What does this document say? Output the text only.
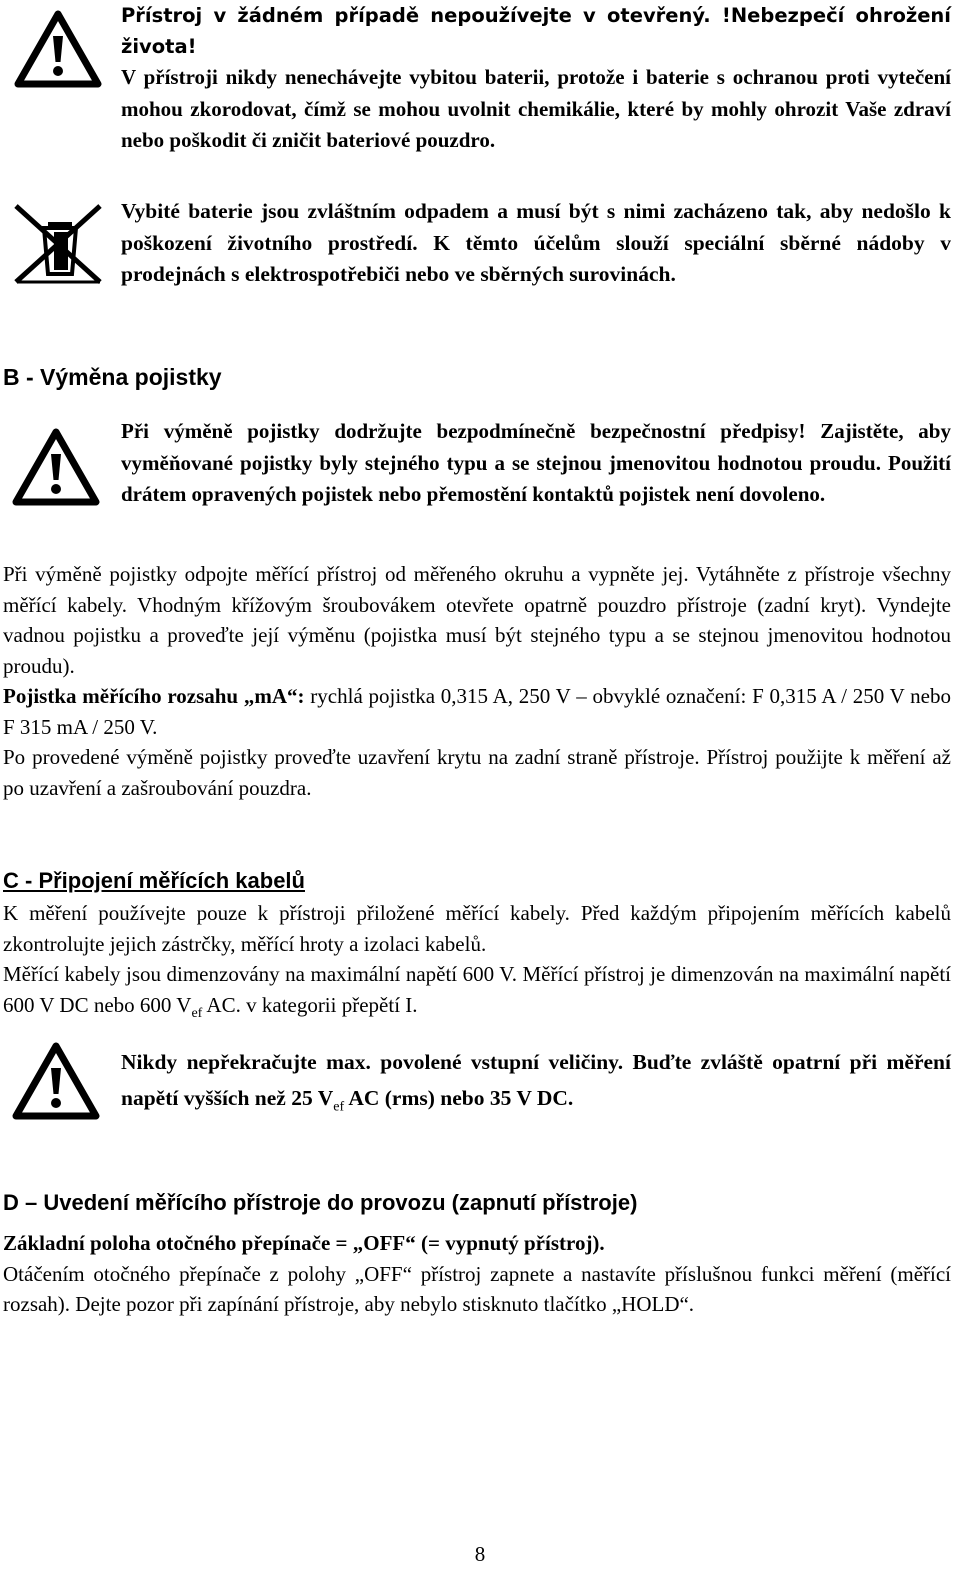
Přístroj v žádném případě nepoužívejte v otevřený. !Nebezpečí ohrožení života!

V přístroji nikdy nenechávejte vybitou baterii, protože i baterie s ochranou proti vytečení mohou zkorodovat, čímž se mohou uvolnit chemikálie, které by mohly ohrozit Vaše zdraví nebo poškodit či zničit bateriové pouzdro.

Vybité baterie jsou zvláštním odpadem a musí být s nimi zacházeno tak, aby nedošlo k poškození životního prostředí. K těmto účelům slouží speciální sběrné nádoby v prodejnách s elektrospotřebiči nebo ve sběrných surovinách.

B - Výměna pojistky

Při výměně pojistky dodržujte bezpodmínečně bezpečnostní předpisy! Zajistěte, aby vyměňované pojistky byly stejného typu a se stejnou jmenovitou hodnotou proudu. Použití drátem opravených pojistek nebo přemostění kontaktů pojistek není dovoleno.

Při výměně pojistky odpojte měřící přístroj od měřeného okruhu a vypněte jej. Vytáhněte z přístroje všechny měřící kabely. Vhodným křížovým šroubovákem otevřete opatrně pouzdro přístroje (zadní kryt). Vyndejte vadnou pojistku a proveďte její výměnu (pojistka musí být stejného typu a se stejnou jmenovitou hodnotou proudu).

Pojistka měřícího rozsahu „mA“: rychlá pojistka 0,315 A, 250 V – obvyklé označení: F 0,315 A / 250 V nebo F 315 mA / 250 V.

Po provedené výměně pojistky proveďte uzavření krytu na zadní straně přístroje. Přístroj použijte k měření až po uzavření a zašroubování pouzdra.

C - Připojení měřících kabelů

K měření používejte pouze k přístroji přiložené měřící kabely. Před každým připojením měřících kabelů zkontrolujte jejich zástrčky, měřící hroty a izolaci kabelů.

Měřící kabely jsou dimenzovány na maximální napětí 600 V. Měřící přístroj je dimenzován na maximální napětí 600 V DC nebo 600 $V_{ef}$ AC. v kategorii přepětí I.

Nikdy nepřekračujte max. povolené vstupní veličiny. Buďte zvláště opatrní při měření napětí vyšších než 25 $V_{ef}$ AC (rms) nebo 35 V DC.

D – Uvedení měřícího přístroje do provozu (zapnutí přístroje)

Základní poloha otočného přepínače = „OFF“ (= vypnutý přístroj).

Otáčením otočného přepínače z polohy „OFF“ přístroj zapnete a nastavíte příslušnou funkci měření (měřící rozsah). Dejte pozor při zapínání přístroje, aby nebylo stisknuto tlačítko „HOLD“.

8
